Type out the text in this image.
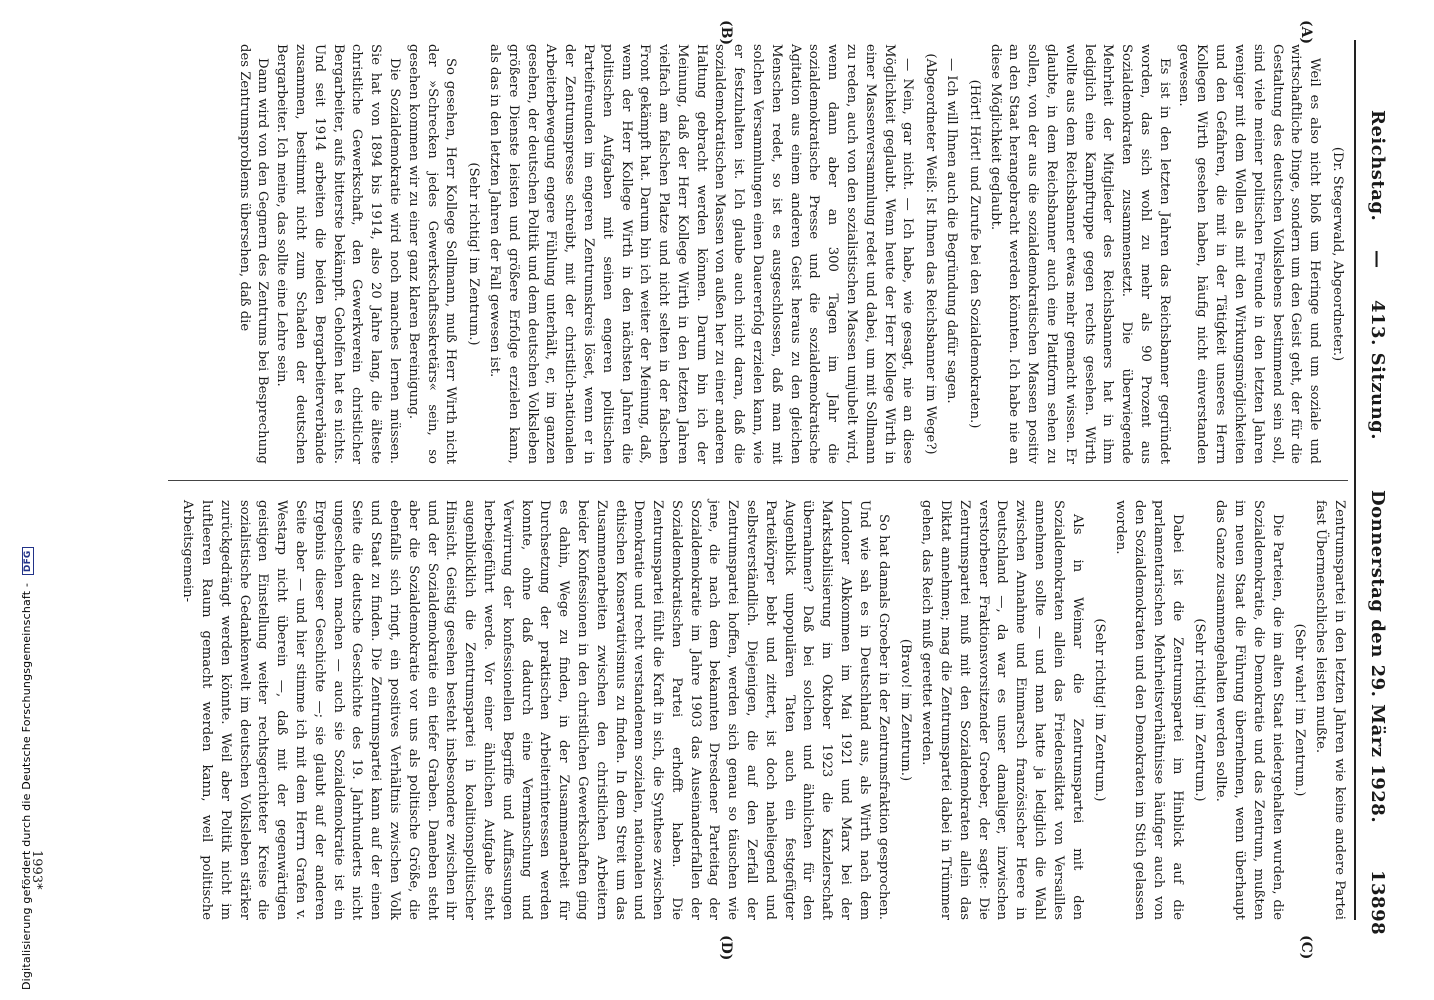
Reichstag.
—
413. Sitzung.
Donnerstag den 29. März 1928.
13898
(A)
(B)
(C)
(D)

(Dr. Stegerwald, Abgeordneter.)

Weil es also nicht bloß um Heringe und um soziale und wirtschaftliche Dinge, sondern um den Geist geht, der für die Gestaltung des deutschen Volkslebens bestimmend sein soll, sind viele meiner politischen Freunde in den letzten Jahren weniger mit dem Wollen als mit den Wirkungsmöglichkeiten und den Gefahren, die mit in der Tätigkeit unseres Herrn Kollegen Wirth gesehen haben, häufig nicht einverstanden gewesen.

Es ist in den letzten Jahren das Reichsbanner gegründet worden, das sich wohl zu mehr als 90 Prozent aus Sozialdemokraten zusammensetzt. Die überwiegende Mehrheit der Mitglieder des Reichsbanners hat in ihm lediglich eine Kampftruppe gegen rechts gesehen. Wirth wollte aus dem Reichsbanner etwas mehr gemacht wissen. Er glaubte, in dem Reichsbanner auch eine Plattform sehen zu sollen, von der aus die sozialdemokratischen Massen positiv an den Staat herangebracht werden könnten. Ich habe nie an diese Möglichkeit geglaubt.

(Hört! Hört! und Zurufe bei den Sozialdemokraten.)

— Ich will Ihnen auch die Begründung dafür sagen.

(Abgeordneter Weiß: Ist Ihnen das Reichsbanner im Wege?)

— Nein, gar nicht. — Ich habe, wie gesagt, nie an diese Möglichkeit geglaubt. Wenn heute der Herr Kollege Wirth in einer Massenversammlung redet und dabei, um mit Sollmann zu reden, auch von den sozialistischen Massen umjubelt wird, wenn dann aber an 300 Tagen im Jahr die sozialdemokratische Presse und die sozialdemokratische Agitation aus einem anderen Geist heraus zu den gleichen Menschen redet, so ist es ausgeschlossen, daß man mit solchen Versammlungen einen Dauererfolg erzielen kann, wie er festzuhalten ist. Ich glaube auch nicht daran, daß die sozialdemokratischen Massen von außen her zu einer anderen Haltung gebracht werden können. Darum bin ich der Meinung, daß der Herr Kollege Wirth in den letzten Jahren vielfach am falschen Platze und nicht selten in der falschen Front gekämpft hat. Darum bin ich weiter der Meinung, daß, wenn der Herr Kollege Wirth in den nächsten Jahren die politischen Aufgaben mit seinen engeren politischen Parteifreunden im engeren Zentrumskreis löset, wenn er in der Zentrumspresse schreibt, mit der christlich-nationalen Arbeiterbewegung engere Fühlung unterhält, er, im ganzen gesehen, der deutschen Politik und dem deutschen Volksleben größere Dienste leisten und größere Erfolge erzielen kann, als das in den letzten Jahren der Fall gewesen ist.

(Sehr richtig! im Zentrum.)

So gesehen, Herr Kollege Sollmann, muß Herr Wirth nicht der »Schrecken jedes Gewerkschaftssekretärs« sein, so gesehen kommen wir zu einer ganz klaren Bereinigung.

Die Sozialdemokratie wird noch manches lernen müssen. Sie hat von 1894 bis 1914, also 20 Jahre lang, die älteste christliche Gewerkschaft, den Gewerkverein christlicher Bergarbeiter, aufs bitterste bekämpft. Geholfen hat es nichts. Und seit 1914 arbeiten die beiden Bergarbeiterverbände zusammen, bestimmt nicht zum Schaden der deutschen Bergarbeiter. Ich meine, das sollte eine Lehre sein.

Dann wird von den Gegnern des Zentrums bei Besprechung des Zentrumsproblems übersehen, daß die

Zentrumspartei in den letzten Jahren wie keine andere Partei fast Übermenschliches leisten mußte.

(Sehr wahr! im Zentrum.)

Die Parteien, die im alten Staat niedergehalten wurden, die Sozialdemokratie, die Demokratie und das Zentrum, mußten im neuen Staat die Führung übernehmen, wenn überhaupt das Ganze zusammengehalten werden sollte.

(Sehr richtig! im Zentrum.)

Dabei ist die Zentrumspartei im Hinblick auf die parlamentarischen Mehrheitsverhältnisse häufiger auch von den Sozialdemokraten und den Demokraten im Stich gelassen worden.

(Sehr richtig! im Zentrum.)

Als in Weimar die Zentrumspartei mit den Sozialdemokraten allein das Friedensdiktat von Versailles annehmen sollte — und man hatte ja lediglich die Wahl zwischen Annahme und Einmarsch französischer Heere in Deutschland —, da war es unser damaliger, inzwischen verstorbener Fraktionsvorsitzender Groeber, der sagte: Die Zentrumspartei muß mit den Sozialdemokraten allein das Diktat annehmen; mag die Zentrumspartei dabei in Trümmer gehen, das Reich muß gerettet werden.

(Bravo! im Zentrum.)

So hat damals Groeber in der Zentrumsfraktion gesprochen. Und wie sah es in Deutschland aus, als Wirth nach dem Londoner Abkommen im Mai 1921 und Marx bei der Markstabilisierung im Oktober 1923 die Kanzlerschaft übernahmen? Daß bei solchen und ähnlichen für den Augenblick unpopulären Taten auch ein festgefügter Parteikörper bebt und zittert, ist doch naheliegend und selbstverständlich. Diejenigen, die auf den Zerfall der Zentrumspartei hoffen, werden sich genau so täuschen wie jene, die nach dem bekannten Dresdener Parteitag der Sozialdemokratie im Jahre 1903 das Auseinanderfallen der Sozialdemokratischen Partei erhofft haben. Die Zentrumspartei fühlt die Kraft in sich, die Synthese zwischen Demokratie und recht verstandenem sozialen, nationalen und ethischen Konservativismus zu finden. In dem Streit um das Zusammenarbeiten zwischen den christlichen Arbeitern beider Konfessionen in den christlichen Gewerkschaften ging es dahin, Wege zu finden, in der Zusammenarbeit für Durchsetzung der praktischen Arbeiterinteressen werden konnte, ohne daß dadurch eine Vermanschung und Verwirrung der konfessionellen Begriffe und Auffassungen herbeigeführt werde. Vor einer ähnlichen Aufgabe steht augenblicklich die Zentrumspartei in koalitionspolitischer Hinsicht. Geistig gesehen besteht insbesondere zwischen ihr und der Sozialdemokratie ein tiefer Graben. Daneben steht aber die Sozialdemokratie vor uns als politische Größe, die ebenfalls sich ringt, ein positives Verhältnis zwischen Volk und Staat zu finden. Die Zentrumspartei kann auf der einen Seite die deutsche Geschichte des 19. Jahrhunderts nicht ungeschehen machen — auch sie Sozialdemokratie ist ein Ergebnis dieser Geschichte —; sie glaubt auf der anderen Seite aber — und hier stimme ich mit dem Herrn Grafen v. Westarp nicht überein —, daß mit der gegenwärtigen geistigen Einstellung weiter rechtsgerichteter Kreise die sozialistische Gedankenwelt im deutschen Volksleben stärker zurückgedrängt werden könnte. Weil aber Politik nicht im luftleeren Raum gemacht werden kann, weil politische Arbeitsgemein-

1993*
Digitalisierung gefördert durch die Deutsche Forschungsgemeinschaft - DFG
